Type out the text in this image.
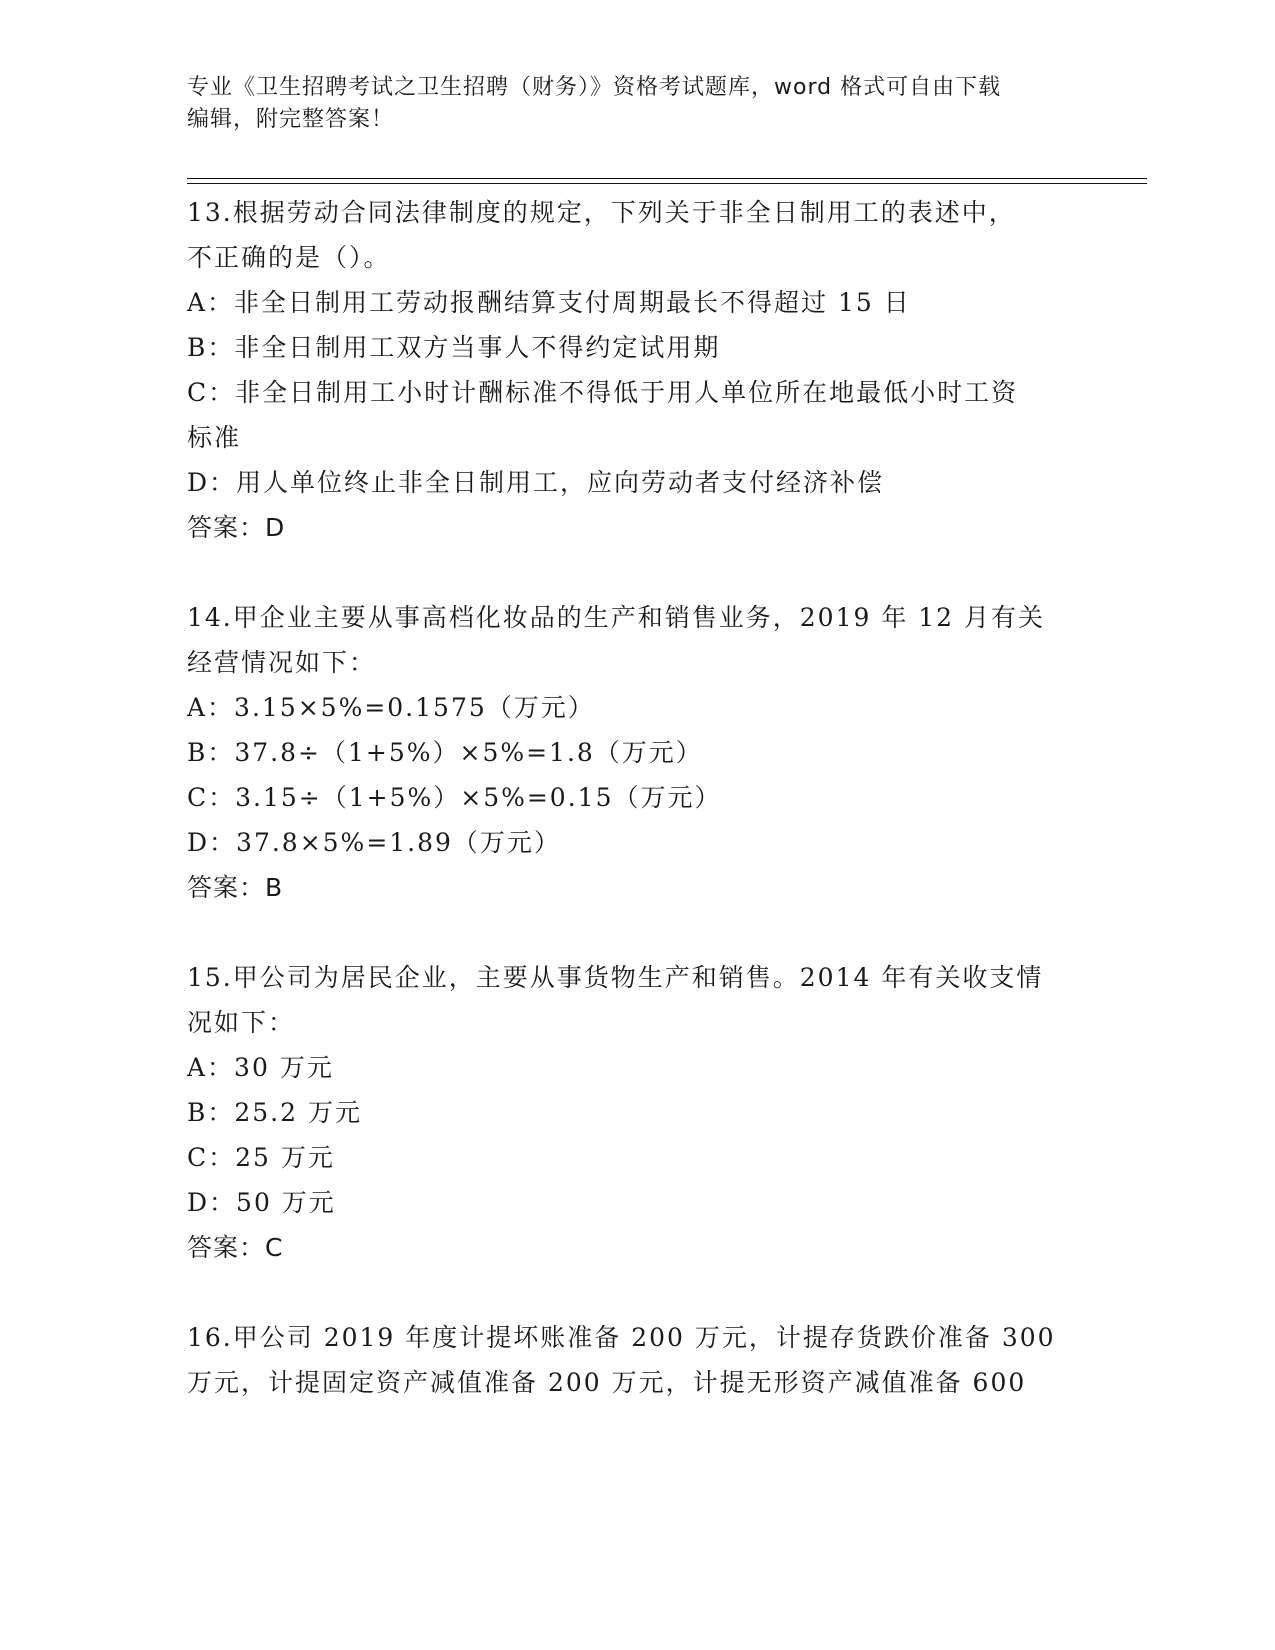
专业《卫生招聘考试之卫生招聘（财务）》资格考试题库，word 格式可自由下载
编辑，附完整答案！

13.根据劳动合同法律制度的规定，下列关于非全日制用工的表述中，

不正确的是（）。

A：非全日制用工劳动报酬结算支付周期最长不得超过 15 日

B：非全日制用工双方当事人不得约定试用期

C：非全日制用工小时计酬标准不得低于用人单位所在地最低小时工资

标准

D：用人单位终止非全日制用工，应向劳动者支付经济补偿

答案：D

14.甲企业主要从事高档化妆品的生产和销售业务，2019 年 12 月有关

经营情况如下：

A：3.15×5%=0.1575（万元）

B：37.8÷（1+5%）×5%=1.8（万元）

C：3.15÷（1+5%）×5%=0.15（万元）

D：37.8×5%=1.89（万元）

答案：B

15.甲公司为居民企业，主要从事货物生产和销售。2014 年有关收支情

况如下：

A：30 万元

B：25.2 万元

C：25 万元

D：50 万元

答案：C

16.甲公司 2019 年度计提坏账准备 200 万元，计提存货跌价准备 300

万元，计提固定资产减值准备 200 万元，计提无形资产减值准备 600
